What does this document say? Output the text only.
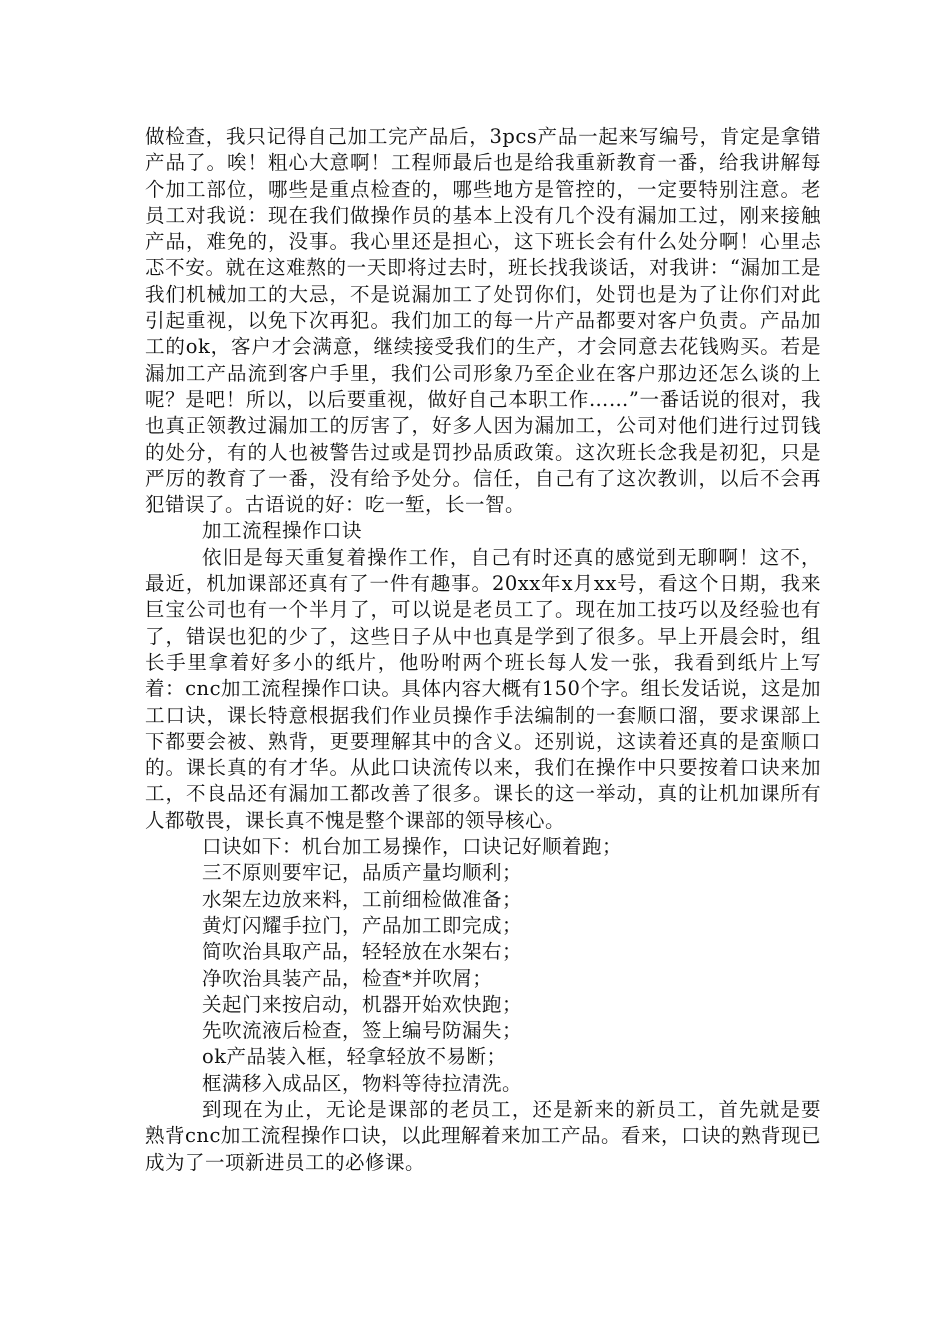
做检查，我只记得自己加工完产品后，3pcs产品一起来写编号，肯定是拿错产品了。唉！粗心大意啊！工程师最后也是给我重新教育一番，给我讲解每个加工部位，哪些是重点检查的，哪些地方是管控的，一定要特别注意。老员工对我说：现在我们做操作员的基本上没有几个没有漏加工过，刚来接触产品，难免的，没事。我心里还是担心，这下班长会有什么处分啊！心里忐忑不安。就在这难熬的一天即将过去时，班长找我谈话，对我讲：“漏加工是我们机械加工的大忌，不是说漏加工了处罚你们，处罚也是为了让你们对此引起重视，以免下次再犯。我们加工的每一片产品都要对客户负责。产品加工的ok，客户才会满意，继续接受我们的生产，才会同意去花钱购买。若是漏加工产品流到客户手里，我们公司形象乃至企业在客户那边还怎么谈的上呢？是吧！所以，以后要重视，做好自己本职工作……”一番话说的很对，我也真正领教过漏加工的厉害了，好多人因为漏加工，公司对他们进行过罚钱的处分，有的人也被警告过或是罚抄品质政策。这次班长念我是初犯，只是严厉的教育了一番，没有给予处分。信任，自己有了这次教训，以后不会再犯错误了。古语说的好：吃一堑，长一智。

加工流程操作口诀

依旧是每天重复着操作工作，自己有时还真的感觉到无聊啊！这不，最近，机加课部还真有了一件有趣事。20xx年x月xx号，看这个日期，我来巨宝公司也有一个半月了，可以说是老员工了。现在加工技巧以及经验也有了，错误也犯的少了，这些日子从中也真是学到了很多。早上开晨会时，组长手里拿着好多小的纸片，他吩咐两个班长每人发一张，我看到纸片上写着：cnc加工流程操作口诀。具体内容大概有150个字。组长发话说，这是加工口诀，课长特意根据我们作业员操作手法编制的一套顺口溜，要求课部上下都要会被、熟背，更要理解其中的含义。还别说，这读着还真的是蛮顺口的。课长真的有才华。从此口诀流传以来，我们在操作中只要按着口诀来加工，不良品还有漏加工都改善了很多。课长的这一举动，真的让机加课所有人都敬畏，课长真不愧是整个课部的领导核心。

口诀如下：机台加工易操作，口诀记好顺着跑；

三不原则要牢记，品质产量均顺利；

水架左边放来料，工前细检做准备；

黄灯闪耀手拉门，产品加工即完成；

简吹治具取产品，轻轻放在水架右；

净吹治具装产品，检查*并吹屑；

关起门来按启动，机器开始欢快跑；

先吹流液后检查，签上编号防漏失；

ok产品装入框，轻拿轻放不易断；

框满移入成品区，物料等待拉清洗。

到现在为止，无论是课部的老员工，还是新来的新员工，首先就是要熟背cnc加工流程操作口诀，以此理解着来加工产品。看来，口诀的熟背现已成为了一项新进员工的必修课。
